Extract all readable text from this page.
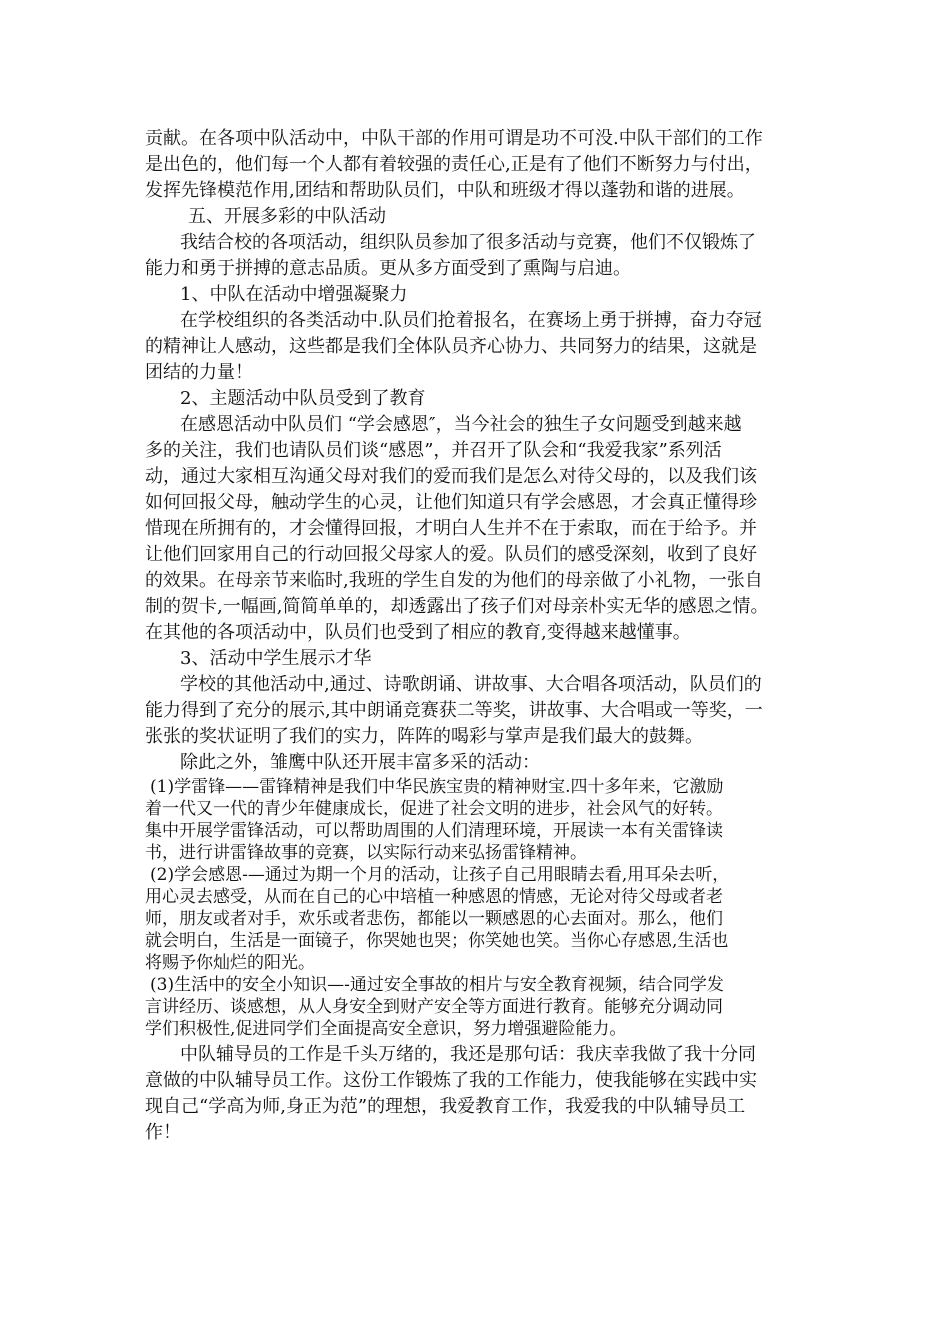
贡献。在各项中队活动中，中队干部的作用可谓是功不可没.中队干部们的工作
是出色的，他们每一个人都有着较强的责任心,正是有了他们不断努力与付出，
发挥先锋模范作用,团结和帮助队员们，中队和班级才得以蓬勃和谐的进展。
五、开展多彩的中队活动
我结合校的各项活动，组织队员参加了很多活动与竞赛，他们不仅锻炼了
能力和勇于拼搏的意志品质。更从多方面受到了熏陶与启迪。
1、中队在活动中增强凝聚力
在学校组织的各类活动中.队员们抢着报名，在赛场上勇于拼搏，奋力夺冠
的精神让人感动，这些都是我们全体队员齐心协力、共同努力的结果，这就是
团结的力量！
2、主题活动中队员受到了教育
在感恩活动中队员们 “学会感恩″，当今社会的独生子女问题受到越来越
多的关注，我们也请队员们谈“感恩”，并召开了队会和“我爱我家”系列活
动，通过大家相互沟通父母对我们的爱而我们是怎么对待父母的，以及我们该
如何回报父母，触动学生的心灵，让他们知道只有学会感恩，才会真正懂得珍
惜现在所拥有的，才会懂得回报，才明白人生并不在于索取，而在于给予。并
让他们回家用自己的行动回报父母家人的爱。队员们的感受深刻，收到了良好
的效果。在母亲节来临时,我班的学生自发的为他们的母亲做了小礼物，一张自
制的贺卡,一幅画,简简单单的，却透露出了孩子们对母亲朴实无华的感恩之情。
在其他的各项活动中，队员们也受到了相应的教育,变得越来越懂事。
3、活动中学生展示才华
学校的其他活动中,通过、诗歌朗诵、讲故事、大合唱各项活动，队员们的
能力得到了充分的展示,其中朗诵竞赛获二等奖，讲故事、大合唱或一等奖，一
张张的奖状证明了我们的实力，阵阵的喝彩与掌声是我们最大的鼓舞。
除此之外，雏鹰中队还开展丰富多采的活动：
(1)学雷锋——雷锋精神是我们中华民族宝贵的精神财宝.四十多年来，它激励
着一代又一代的青少年健康成长，促进了社会文明的进步，社会风气的好转。
集中开展学雷锋活动，可以帮助周围的人们清理环境，开展读一本有关雷锋读
书，进行讲雷锋故事的竞赛，以实际行动来弘扬雷锋精神。
(2)学会感恩-—通过为期一个月的活动，让孩子自己用眼睛去看,用耳朵去听，
用心灵去感受，从而在自己的心中培植一种感恩的情感，无论对待父母或者老
师，朋友或者对手，欢乐或者悲伤，都能以一颗感恩的心去面对。那么，他们
就会明白，生活是一面镜子，你哭她也哭；你笑她也笑。当你心存感恩,生活也
将赐予你灿烂的阳光。
(3)生活中的安全小知识—-通过安全事故的相片与安全教育视频，结合同学发
言讲经历、谈感想，从人身安全到财产安全等方面进行教育。能够充分调动同
学们积极性,促进同学们全面提高安全意识，努力增强避险能力。
中队辅导员的工作是千头万绪的，我还是那句话：我庆幸我做了我十分同
意做的中队辅导员工作。这份工作锻炼了我的工作能力，使我能够在实践中实
现自己“学高为师,身正为范”的理想，我爱教育工作，我爱我的中队辅导员工
作！
